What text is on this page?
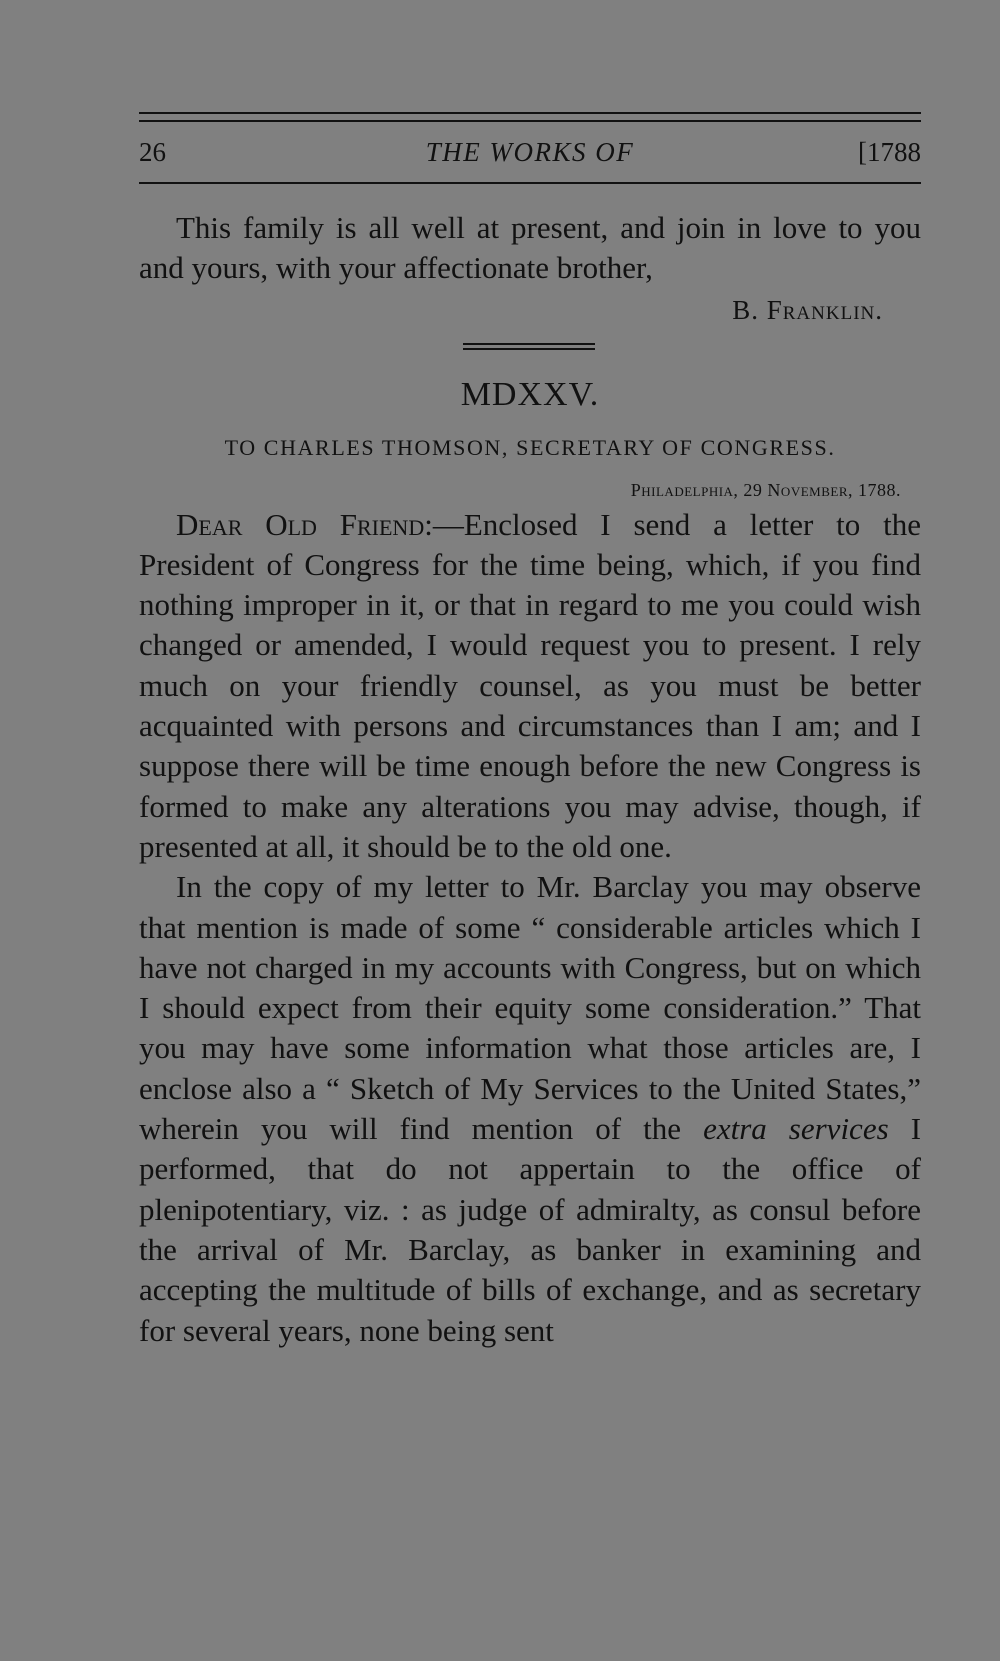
26	THE WORKS OF	[1788

This family is all well at present, and join in love to you and yours, with your affectionate brother,

B. Franklin.
MDXXV.
TO CHARLES THOMSON, SECRETARY OF CONGRESS.
Philadelphia, 29 November, 1788.

Dear Old Friend:—Enclosed I send a letter to the President of Congress for the time being, which, if you find nothing improper in it, or that in regard to me you could wish changed or amended, I would request you to present. I rely much on your friendly counsel, as you must be better acquainted with persons and circumstances than I am; and I suppose there will be time enough before the new Congress is formed to make any alterations you may advise, though, if presented at all, it should be to the old one.

In the copy of my letter to Mr. Barclay you may observe that mention is made of some “ considerable articles which I have not charged in my accounts with Congress, but on which I should expect from their equity some consideration.” That you may have some information what those articles are, I enclose also a “ Sketch of My Services to the United States,” wherein you will find mention of the extra services I performed, that do not appertain to the office of plenipotentiary, viz. : as judge of admiralty, as consul before the arrival of Mr. Barclay, as banker in examining and accepting the multitude of bills of exchange, and as secretary for several years, none being sent
